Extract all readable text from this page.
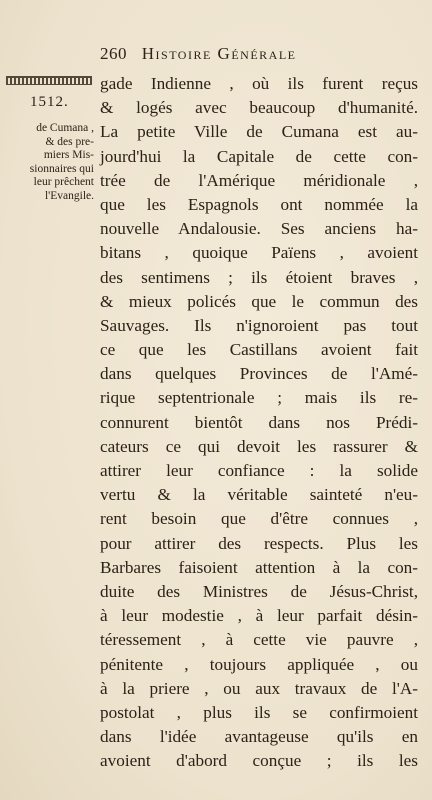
260 Histoire Générale
1512.
de Cumana ,
& des pre-
miers Mis-
sionnaires qui
leur prêchent
l'Evangile.
gade Indienne , où ils furent reçus
& logés avec beaucoup d'humanité.
La petite Ville de Cumana est au-
jourd'hui la Capitale de cette con-
trée de l'Amérique méridionale ,
que les Espagnols ont nommée la
nouvelle Andalousie. Ses anciens ha-
bitans , quoique Païens , avoient
des sentimens ; ils étoient braves ,
& mieux policés que le commun des
Sauvages. Ils n'ignoroient pas tout
ce que les Castillans avoient fait
dans quelques Provinces de l'Amé-
rique septentrionale ; mais ils re-
connurent bientôt dans nos Prédi-
cateurs ce qui devoit les rassurer &
attirer leur confiance : la solide
vertu & la véritable sainteté n'eu-
rent besoin que d'être connues ,
pour attirer des respects. Plus les
Barbares faisoient attention à la con-
duite des Ministres de Jésus-Christ,
à leur modestie , à leur parfait désin-
téressement , à cette vie pauvre ,
pénitente , toujours appliquée , ou
à la priere , ou aux travaux de l'A-
postolat , plus ils se confirmoient
dans l'idée avantageuse qu'ils en
avoient d'abord conçue ; ils les
